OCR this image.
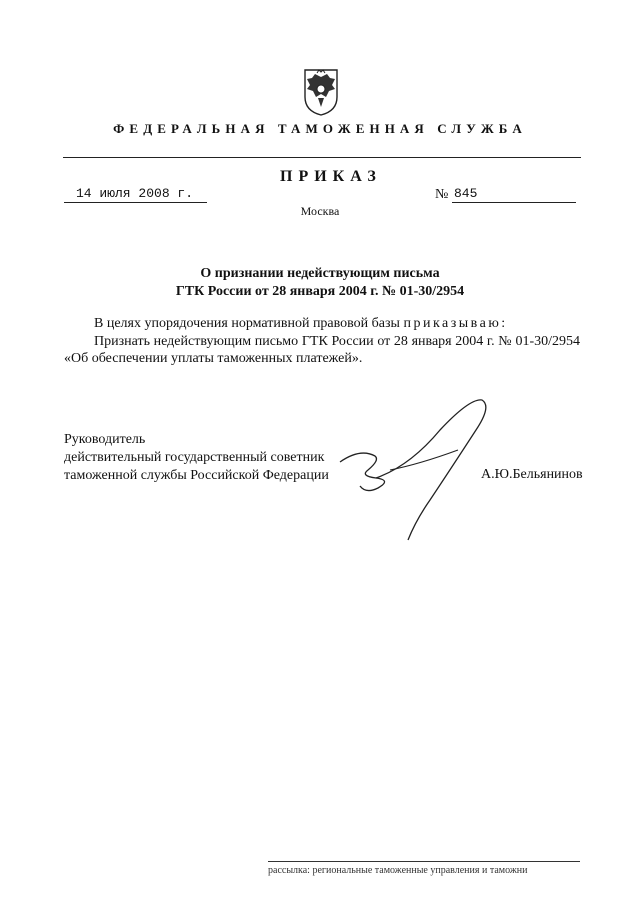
ФЕДЕРАЛЬНАЯ ТАМОЖЕННАЯ СЛУЖБА
ПРИКАЗ
14 июля 2008 г.	№ 845
Москва
О признании недействующим письма
ГТК России от 28 января 2004 г. № 01-30/2954

В целях упорядочения нормативной правовой базы приказываю:

Признать недействующим письмо ГТК России от 28 января 2004 г. № 01-30/2954 «Об обеспечении уплаты таможенных платежей».

Руководитель
действительный государственный советник
таможенной службы Российской Федерации	А.Ю.Бельянинов
рассылка: региональные таможенные управления и таможни
